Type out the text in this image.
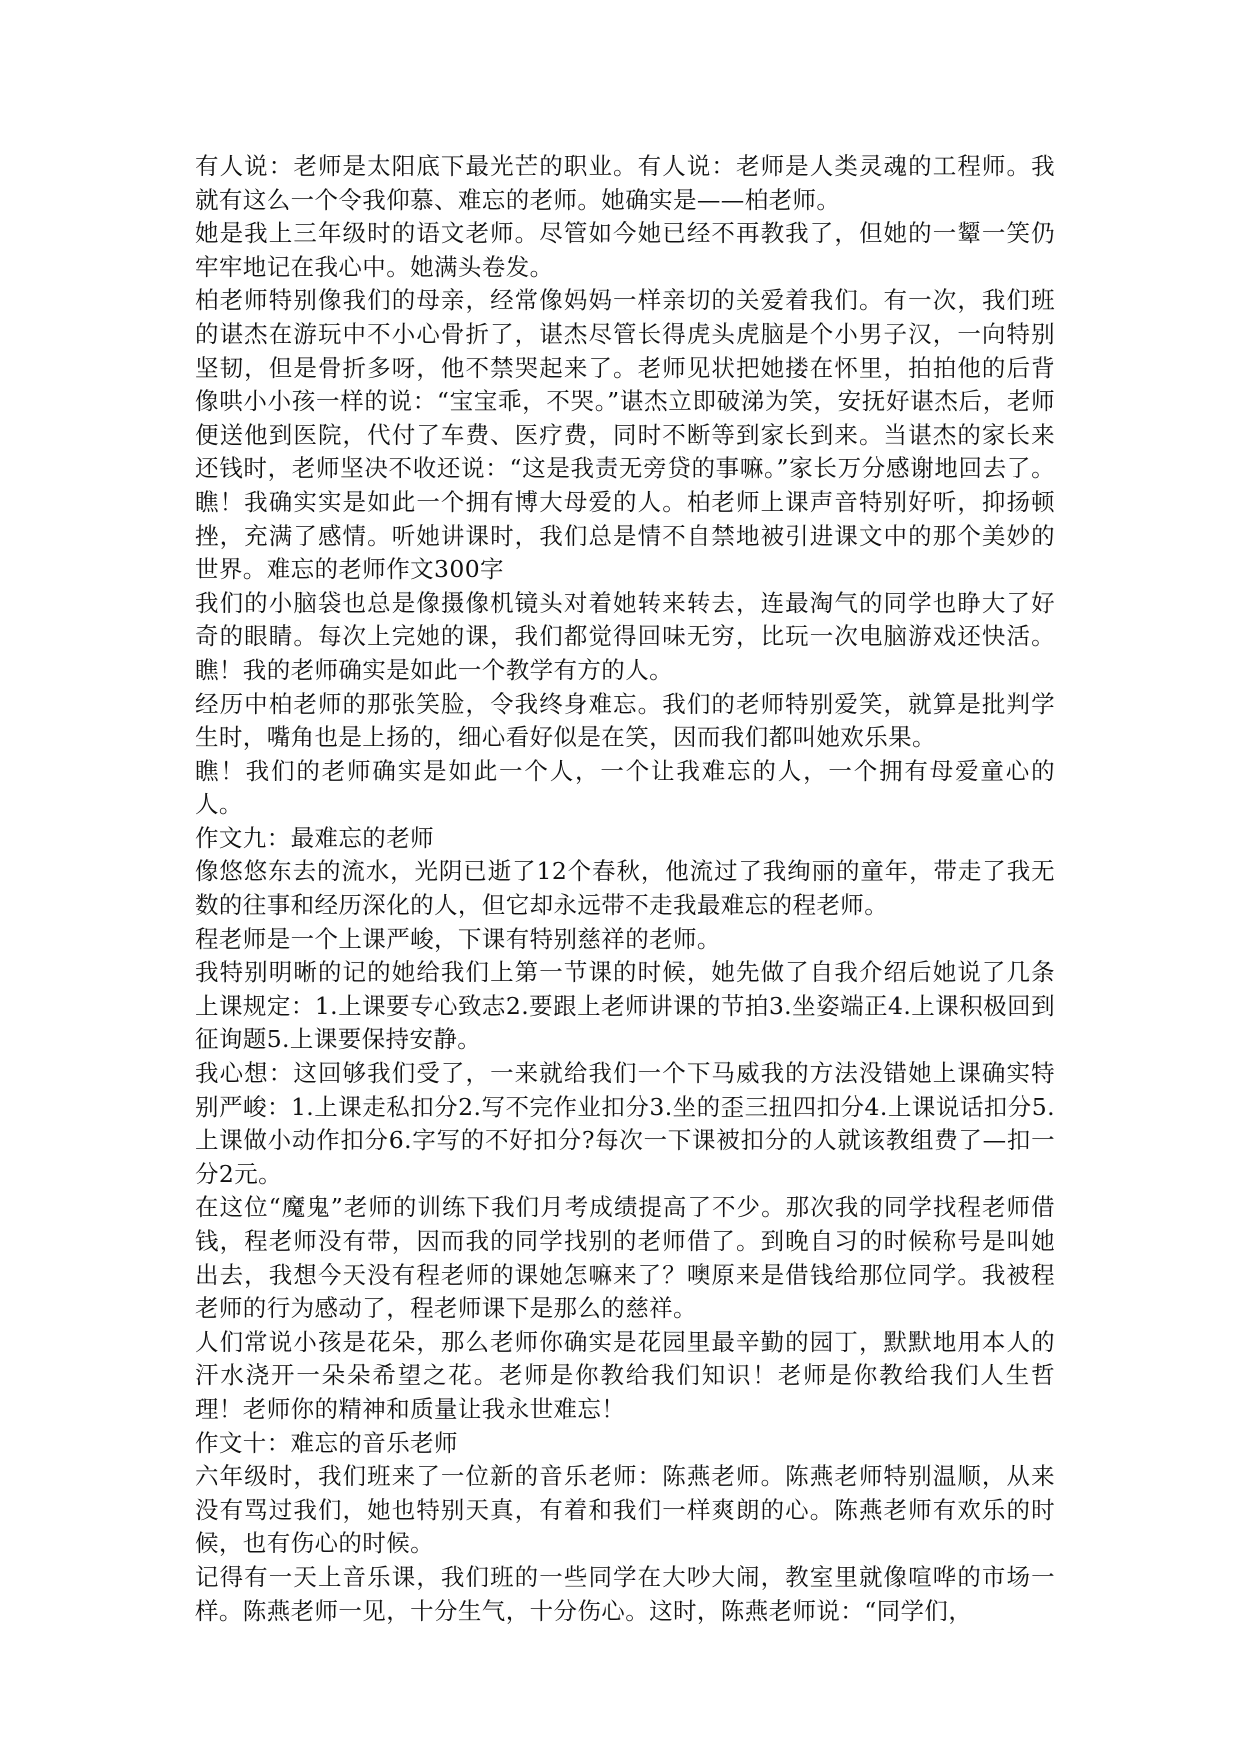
有人说：老师是太阳底下最光芒的职业。有人说：老师是人类灵魂的工程师。我就有这么一个令我仰慕、难忘的老师。她确实是——柏老师。

她是我上三年级时的语文老师。尽管如今她已经不再教我了，但她的一颦一笑仍牢牢地记在我心中。她满头卷发。

柏老师特别像我们的母亲，经常像妈妈一样亲切的关爱着我们。有一次，我们班的谌杰在游玩中不小心骨折了，谌杰尽管长得虎头虎脑是个小男子汉，一向特别坚韧，但是骨折多呀，他不禁哭起来了。老师见状把她搂在怀里，拍拍他的后背像哄小小孩一样的说：“宝宝乖，不哭。”谌杰立即破涕为笑，安抚好谌杰后，老师便送他到医院，代付了车费、医疗费，同时不断等到家长到来。当谌杰的家长来还钱时，老师坚决不收还说：“这是我责无旁贷的事嘛。”家长万分感谢地回去了。瞧！我确实实是如此一个拥有博大母爱的人。柏老师上课声音特别好听，抑扬顿挫，充满了感情。听她讲课时，我们总是情不自禁地被引进课文中的那个美妙的世界。难忘的老师作文300字

我们的小脑袋也总是像摄像机镜头对着她转来转去，连最淘气的同学也睁大了好奇的眼睛。每次上完她的课，我们都觉得回味无穷，比玩一次电脑游戏还快活。瞧！我的老师确实是如此一个教学有方的人。

经历中柏老师的那张笑脸，令我终身难忘。我们的老师特别爱笑，就算是批判学生时，嘴角也是上扬的，细心看好似是在笑，因而我们都叫她欢乐果。

瞧！我们的老师确实是如此一个人，一个让我难忘的人，一个拥有母爱童心的人。

作文九：最难忘的老师

像悠悠东去的流水，光阴已逝了12个春秋，他流过了我绚丽的童年，带走了我无数的往事和经历深化的人，但它却永远带不走我最难忘的程老师。

程老师是一个上课严峻，下课有特别慈祥的老师。

我特别明晰的记的她给我们上第一节课的时候，她先做了自我介绍后她说了几条上课规定：1.上课要专心致志2.要跟上老师讲课的节拍3.坐姿端正4.上课积极回到征询题5.上课要保持安静。

我心想：这回够我们受了，一来就给我们一个下马威我的方法没错她上课确实特别严峻：1.上课走私扣分2.写不完作业扣分3.坐的歪三扭四扣分4.上课说话扣分5.上课做小动作扣分6.字写的不好扣分?每次一下课被扣分的人就该教组费了—扣一分2元。

在这位“魔鬼”老师的训练下我们月考成绩提高了不少。那次我的同学找程老师借钱，程老师没有带，因而我的同学找别的老师借了。到晚自习的时候称号是叫她出去，我想今天没有程老师的课她怎嘛来了？噢原来是借钱给那位同学。我被程老师的行为感动了，程老师课下是那么的慈祥。

人们常说小孩是花朵，那么老师你确实是花园里最辛勤的园丁，默默地用本人的汗水浇开一朵朵希望之花。老师是你教给我们知识！老师是你教给我们人生哲理！老师你的精神和质量让我永世难忘！

作文十：难忘的音乐老师

六年级时，我们班来了一位新的音乐老师：陈燕老师。陈燕老师特别温顺，从来没有骂过我们，她也特别天真，有着和我们一样爽朗的心。陈燕老师有欢乐的时候，也有伤心的时候。

记得有一天上音乐课，我们班的一些同学在大吵大闹，教室里就像喧哗的市场一样。陈燕老师一见，十分生气，十分伤心。这时，陈燕老师说：“同学们，
